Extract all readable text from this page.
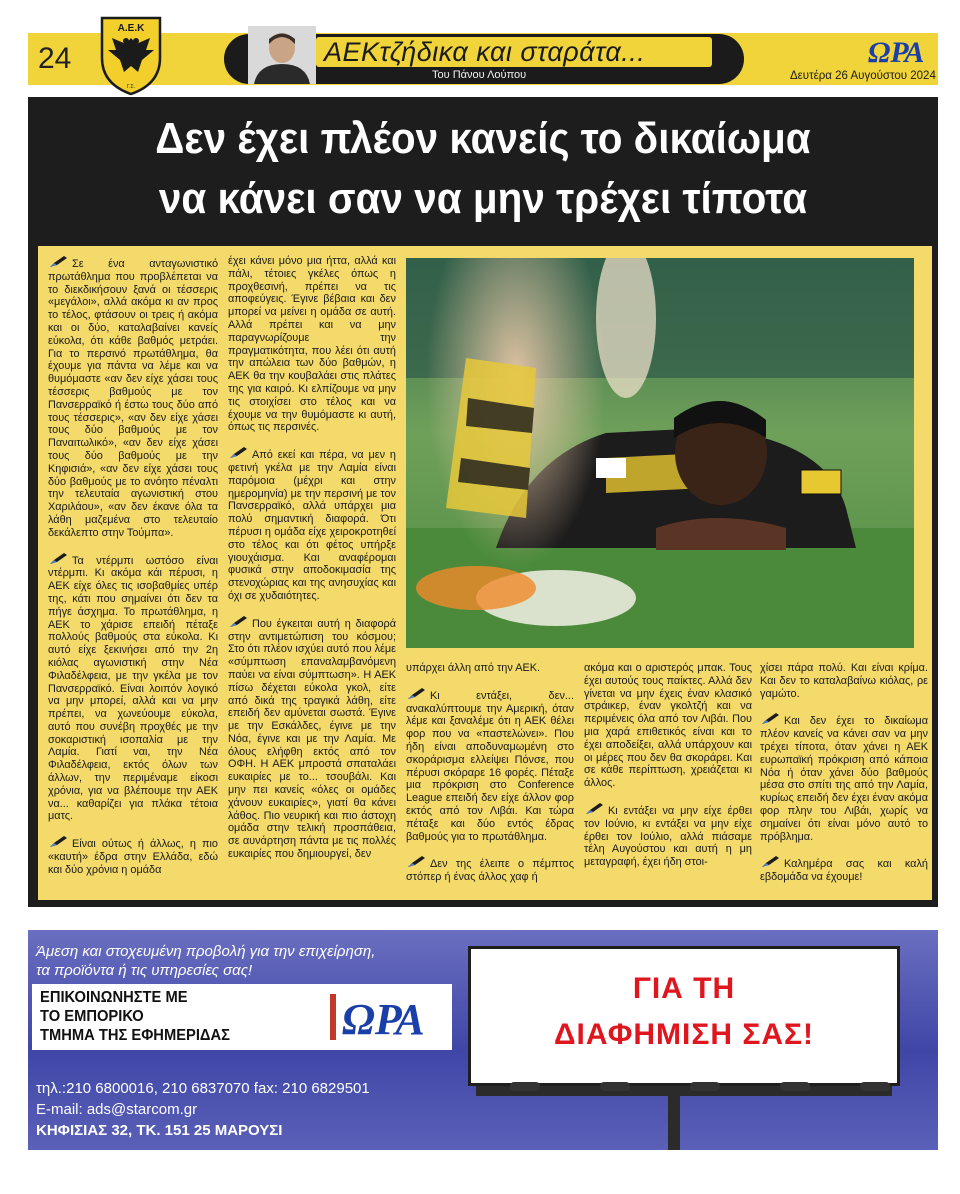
24
Α.Ε.Κ
Γ.Σ.
ΑΕΚτζήδικα και σταράτα...
Του Πάνου Λούπου
ΩΡΑ
Δευτέρα 26 Αυγούστου 2024
Δεν έχει πλέον κανείς το δικαίωμα
να κάνει σαν να μην τρέχει τίποτα

Σε ένα ανταγωνιστικό πρωτάθλημα που προβλέπεται να το διεκδικήσουν ξανά οι τέσσερις «μεγάλοι», αλλά ακόμα κι αν προς το τέλος, φτάσουν οι τρεις ή ακόμα και οι δύο, καταλαβαίνει κανείς εύκολα, ότι κάθε βαθμός μετράει. Για το περσινό πρωτάθλημα, θα έχουμε για πάντα να λέμε και να θυμόμαστε «αν δεν είχε χάσει τους τέσσερις βαθμούς με τον Πανσερραϊκό ή έστω τους δύο από τους τέσσερις», «αν δεν είχε χάσει τους δύο βαθμούς με τον Παναιτωλικό», «αν δεν είχε χάσει τους δύο βαθμούς με την Κηφισιά», «αν δεν είχε χάσει τους δύο βαθμούς με το ανόητο πέναλτι την τελευταία αγωνιστική στου Χαριλάου», «αν δεν έκανε όλα τα λάθη μαζεμένα στο τελευταίο δεκάλεπτο στην Τούμπα».

Τα ντέρμπι ωστόσο είναι ντέρμπι. Κι ακόμα κάι πέρυσι, η ΑΕΚ είχε όλες τις ισοβαθμίες υπέρ της, κάτι που σημαίνει ότι δεν τα πήγε άσχημα. Το πρωτάθλημα, η ΑΕΚ το χάρισε επειδή πέταξε πολλούς βαθμούς στα εύκολα. Κι αυτό είχε ξεκινήσει από την 2η κιόλας αγωνιστική στην Νέα Φιλαδέλφεια, με την γκέλα με τον Πανσερραϊκό. Είναι λοιπόν λογικό να μην μπορεί, αλλά και να μην πρέπει, να χωνεύουμε εύκολα, αυτό που συνέβη προχθές με την σοκαριστική ισοπαλία με την Λαμία. Γιατί ναι, την Νέα Φιλαδέλφεια, εκτός όλων των άλλων, την περιμέναμε είκοσι χρόνια, για να βλέπουμε την ΑΕΚ να... καθαρίζει για πλάκα τέτοια ματς.

Είναι ούτως ή άλλως, η πιο «καυτή» έδρα στην Ελλάδα, εδώ και δύο χρόνια η ομάδα

έχει κάνει μόνο μια ήττα, αλλά και πάλι, τέτοιες γκέλες όπως η προχθεσινή, πρέπει να τις αποφεύγεις. Έγινε βέβαια και δεν μπορεί να μείνει η ομάδα σε αυτή. Αλλά πρέπει και να μην παραγνωρίζουμε την πραγματικότητα, που λέει ότι αυτή την απώλεια των δύο βαθμών, η ΑΕΚ θα την κουβαλάει στις πλάτες της για καιρό. Κι ελπίζουμε να μην τις στοιχίσει στο τέλος και να έχουμε να την θυμόμαστε κι αυτή, όπως τις περσινές.

Από εκεί και πέρα, να μεν η φετινή γκέλα με την Λαμία είναι παρόμοια (μέχρι και στην ημερομηνία) με την περσινή με τον Πανσερραϊκό, αλλά υπάρχει μια πολύ σημαντική διαφορά. Ότι πέρυσι η ομάδα είχε χειροκροτηθεί στο τέλος και ότι φέτος υπήρξε γιουχάισμα. Και αναφέρομαι φυσικά στην αποδοκιμασία της στενοχώριας και της ανησυχίας και όχι σε χυδαιότητες.

Που έγκειται αυτή η διαφορά στην αντιμετώπιση του κόσμου; Στο ότι πλέον ισχύει αυτό που λέμε «σύμπτωση επαναλαμβανόμενη παύει να είναι σύμπτωση». Η ΑΕΚ πίσω δέχεται εύκολα γκολ, είτε από δικά της τραγικά λάθη, είτε επειδή δεν αμύνεται σωστά. Έγινε με την Εσκάλδες, έγινε με την Νόα, έγινε και με την Λαμία. Με όλους ελήφθη εκτός από τον ΟΦΗ. Η ΑΕΚ μπροστά σπαταλάει ευκαιρίες με το... τσουβάλι. Και μην πει κανείς «όλες οι ομάδες χάνουν ευκαιρίες», γιατί θα κάνει λάθος. Πιο νευρική και πιο άστοχη ομάδα στην τελική προσπάθεια, σε αυνάρτηση πάντα με τις πολλές ευκαιρίες που δημιουργεί, δεν

υπάρχει άλλη από την ΑΕΚ.

Κι εντάξει, δεν... ανακαλύπτουμε την Αμερική, όταν λέμε και ξαναλέμε ότι η ΑΕΚ θέλει φορ που να «παστελώνει». Που ήδη είναι αποδυναμωμένη στο σκοράρισμα ελλείψει Πόνσε, που πέρυσι σκόραρε 16 φορές. Πέταξε μια πρόκριση στο Conference League επειδή δεν είχε άλλον φορ εκτός από τον Λιβάι. Και τώρα πέταξε και δύο εντός έδρας βαθμούς για το πρωτάθλημα.

Δεν της έλειπε ο πέμπτος στόπερ ή ένας άλλος χαφ ή

ακόμα και ο αριστερός μπακ. Τους έχει αυτούς τους παίκτες. Αλλά δεν γίνεται να μην έχεις έναν κλασικό στράικερ, έναν γκολτζή και να περιμένεις όλα από τον Λιβάι. Που μια χαρά επιθετικός είναι και το έχει αποδείξει, αλλά υπάρχουν και οι μέρες που δεν θα σκοράρει. Και σε κάθε περίπτωση, χρειάζεται κι άλλος.

Κι εντάξει να μην είχε έρθει τον Ιούνιο, κι εντάξει να μην είχε έρθει τον Ιούλιο, αλλά πιάσαμε τέλη Αυγούστου και αυτή η μη μεταγραφή, έχει ήδη στοι-

χίσει πάρα πολύ. Και είναι κρίμα. Και δεν το καταλαβαίνω κιόλας, ρε γαμώτο.

Και δεν έχει το δικαίωμα πλέον κανείς να κάνει σαν να μην τρέχει τίποτα, όταν χάνει η ΑΕΚ ευρωπαϊκή πρόκριση από κάποια Νόα ή όταν χάνει δύο βαθμούς μέσα στο σπίτι της από την Λαμία, κυρίως επειδή δεν έχει έναν ακόμα φορ πλην του Λιβάι, χωρίς να σημαίνει ότι είναι μόνο αυτό το πρόβλημα.

Καλημέρα σας και καλή εβδομάδα να έχουμε!

Άμεση και στοχευμένη προβολή για την επιχείρηση,
τα προϊόντα ή τις υπηρεσίες σας!
ΕΠΙΚΟΙΝΩΝΗΣΤΕ ΜΕ
ΤΟ ΕΜΠΟΡΙΚΟ
ΤΜΗΜΑ ΤΗΣ ΕΦΗΜΕΡΙΔΑΣ	ΩΡΑ
τηλ.:210 6800016, 210 6837070 fax: 210 6829501
E-mail: ads@starcom.gr
ΚΗΦΙΣΙΑΣ 32, ΤΚ. 151 25 ΜΑΡΟΥΣΙ
ΓΙΑ ΤΗ
ΔΙΑΦΗΜΙΣΗ ΣΑΣ!
